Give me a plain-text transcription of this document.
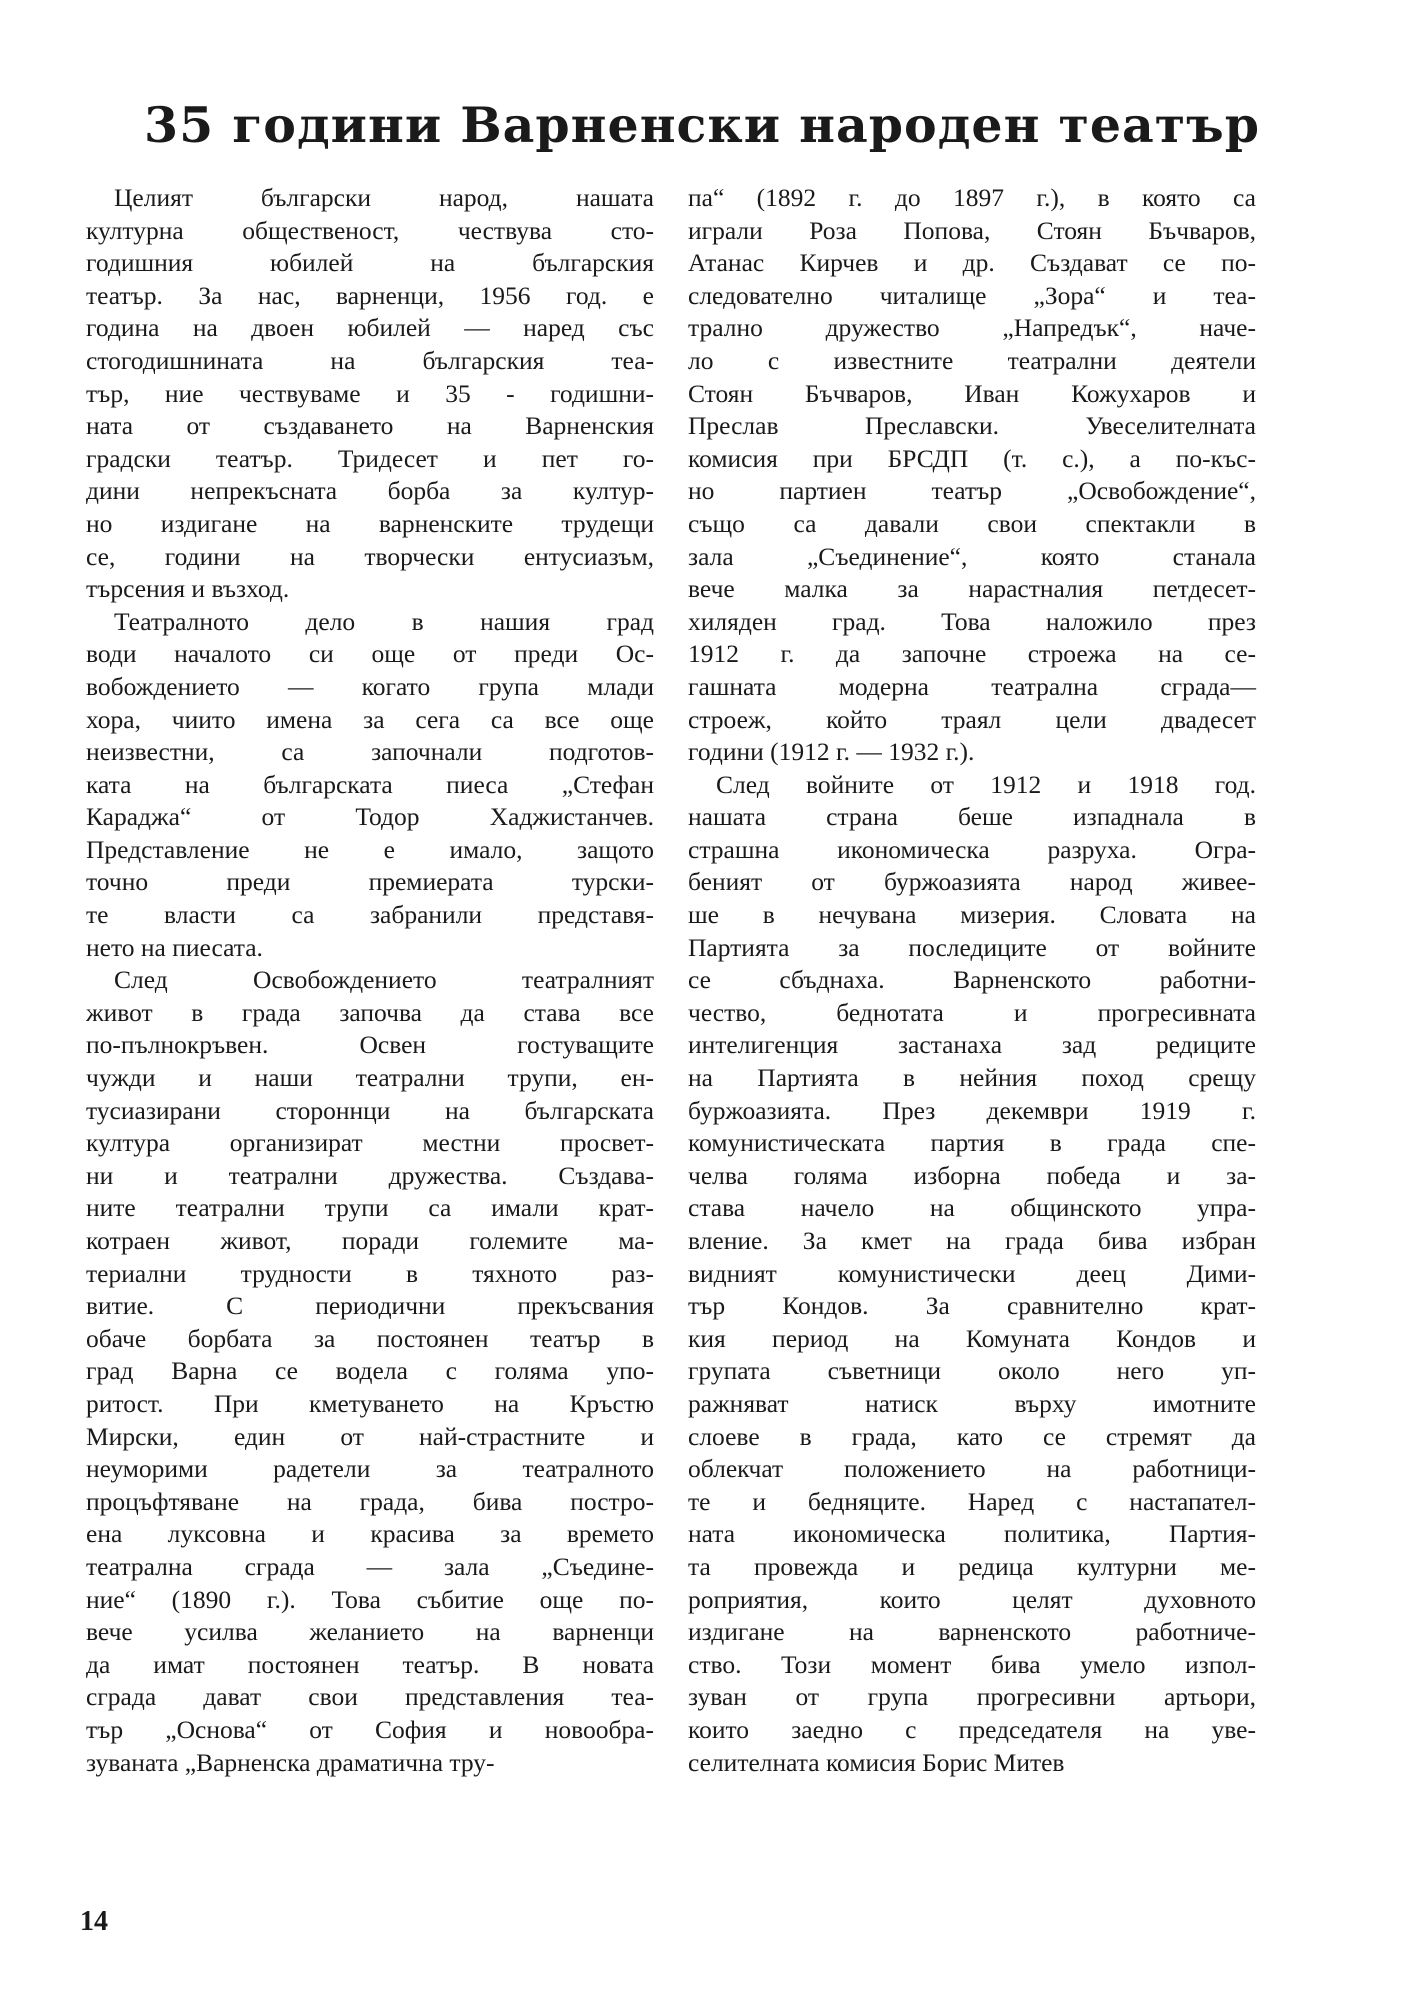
35 години Варненски народен театър
Целият български народ, нашата
културна общественост, чествува сто-
годишния юбилей на българския
театър. За нас, варненци, 1956 год. е
година на двоен юбилей — наред със
стогодишнината на българския теа-
тър, ние чествуваме и 35 - годишни-
ната от създаването на Варненския
градски театър. Тридесет и пет го-
дини непрекъсната борба за култур-
но издигане на варненските трудещи
се, години на творчески ентусиазъм,
търсения и възход.
Театралното дело в нашия град
води началото си още от преди Ос-
вобождението — когато група млади
хора, чиито имена за сега са все още
неизвестни, са започнали подготов-
ката на българската пиеса „Стефан
Караджа“ от Тодор Хаджистанчев.
Представление не е имало, защото
точно преди премиерата турски-
те власти са забранили представя-
нето на пиесата.
След Освобождението театралният
живот в града започва да става все
по-пълнокръвен. Освен гостуващите
чужди и наши театрални трупи, ен-
тусиазирани стороннци на българската
култура организират местни просвет-
ни и театрални дружества. Създава-
ните театрални трупи са имали крат-
котраен живот, поради големите ма-
териални трудности в тяхното раз-
витие. С периодични прекъсвания
обаче борбата за постоянен театър в
град Варна се водела с голяма упо-
ритост. При кметуването на Кръстю
Мирски, един от най-страстните и
неуморими радетели за театралното
процъфтяване на града, бива постро-
ена луксовна и красива за времето
театрална сграда — зала „Съедине-
ние“ (1890 г.). Това събитие още по-
вече усилва желанието на варненци
да имат постоянен театър. В новата
сграда дават свои представления теа-
тър „Основа“ от София и новообра-
зуваната „Варненска драматична тру-
па“ (1892 г. до 1897 г.), в която са
играли Роза Попова, Стоян Бъчваров,
Атанас Кирчев и др. Създават се по-
следователно читалище „Зора“ и теа-
трално дружество „Напредък“, наче-
ло с известните театрални деятели
Стоян Бъчваров, Иван Кожухаров и
Преслав Преславски. Увеселителната
комисия при БРСДП (т. с.), а по-къс-
но партиен театър „Освобождение“,
също са давали свои спектакли в
зала „Съединение“, която станала
вече малка за нарастналия петдесет-
хиляден град. Това наложило през
1912 г. да започне строежа на се-
гашната модерна театрална сграда—
строеж, който траял цели двадесет
години (1912 г. — 1932 г.).
След войните от 1912 и 1918 год.
нашата страна беше изпаднала в
страшна икономическа разруха. Огра-
беният от буржоазията народ живее-
ше в нечувана мизерия. Словата на
Партията за последиците от войните
се сбъднаха. Варненското работни-
чество, беднотата и прогресивната
интелигенция застанаха зад редиците
на Партията в нейния поход срещу
буржоазията. През декември 1919 г.
комунистическата партия в града спе-
челва голяма изборна победа и за-
става начело на общинското упра-
вление. За кмет на града бива избран
видният комунистически деец Дими-
тър Кондов. За сравнително крат-
кия период на Комуната Кондов и
групата съветници около него уп-
ражняват натиск върху имотните
слоеве в града, като се стремят да
облекчат положението на работници-
те и бедняците. Наред с настапател-
ната икономическа политика, Партия-
та провежда и редица културни ме-
роприятия, които целят духовното
издигане на варненското работниче-
ство. Този момент бива умело изпол-
зуван от група прогресивни артьори,
които заедно с председателя на уве-
селителната комисия Борис Митев

14
